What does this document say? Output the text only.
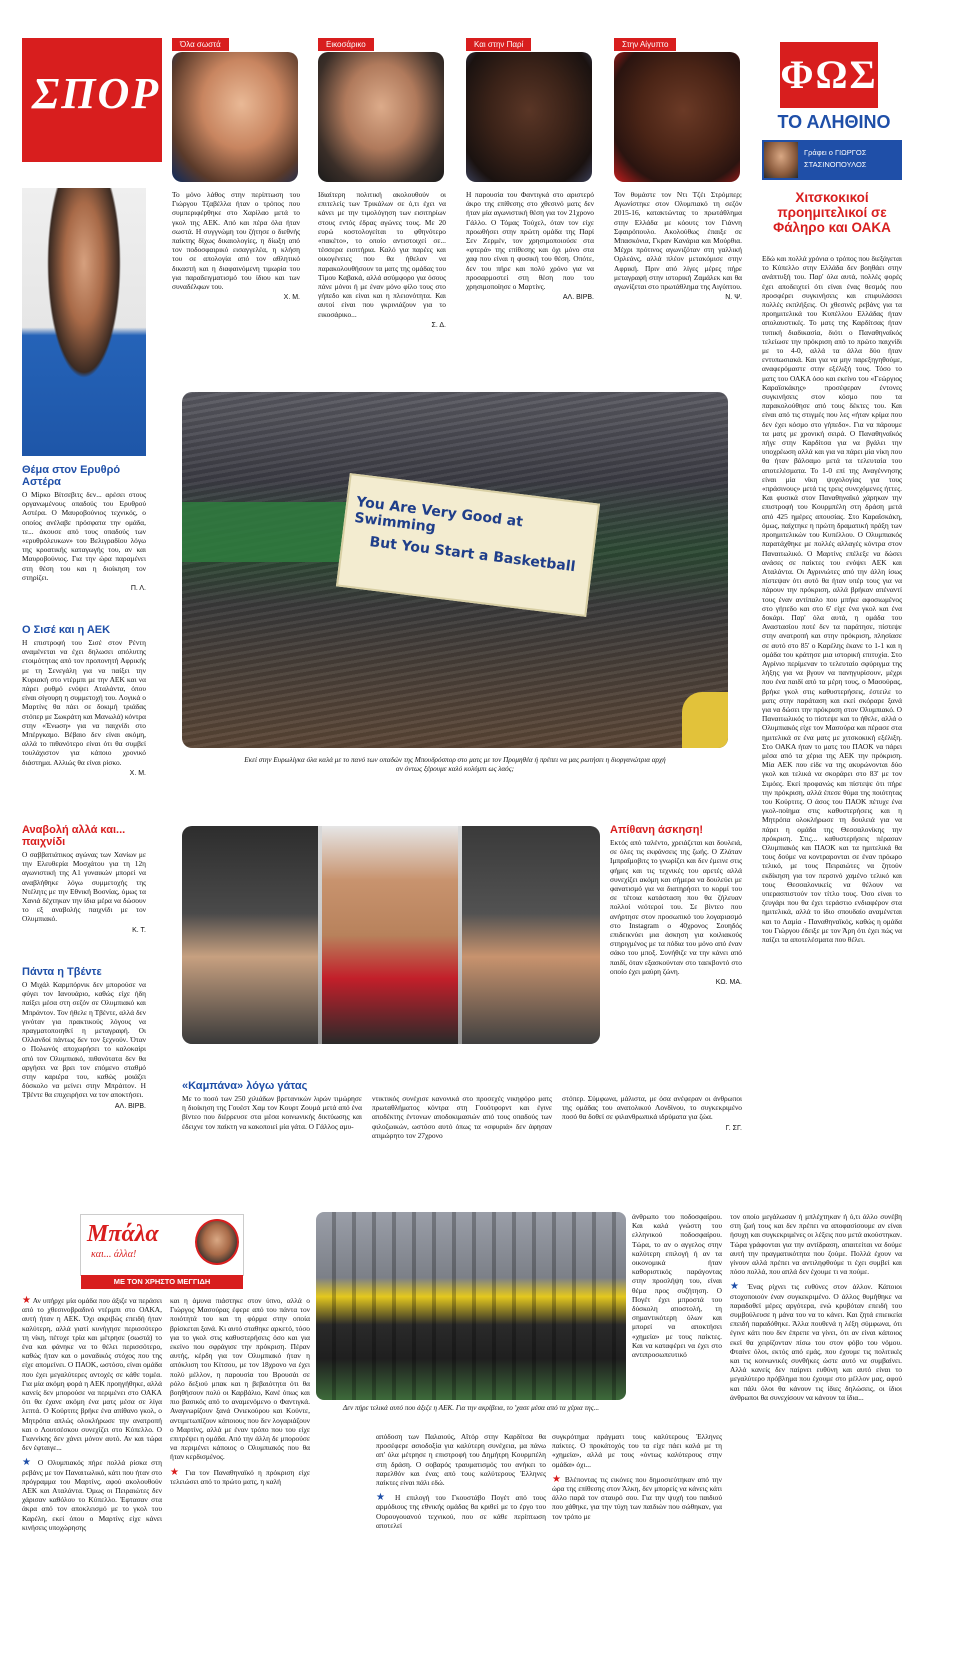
ΣΠΟΡ
Όλα σωστά	Εικοσάρικο	Και στην Παρί	Στην Αίγυπτο
ΦΩΣ
ΤΟ ΑΛΗΘΙΝΟ
Γράφει ο ΓΙΩΡΓΟΣ
ΣΤΑΣΙΝΟΠΟΥΛΟΣ
Χιτσκοκικοί προημιτελικοί σε Φάληρο και ΟΑΚΑ
Εδώ και πολλά χρόνια ο τρόπος που διεξάγεται το Κύπελλο στην Ελλάδα δεν βοηθάει στην ανάπτυξή του. Παρ' όλα αυτά, πολλές φορές έχει αποδειχτεί ότι είναι ένας θεσμός που προσφέρει συγκινήσεις και επιφυλάσσει πολλές εκπλήξεις. Οι χθεσινές ρεβάνς για τα προημιτελικά του Κυπέλλου Ελλάδας ήταν απολαυστικές. Το ματς της Καρδίτσας ήταν τυπική διαδικασία, διότι ο Παναθηναϊκός τελείωσε την πρόκριση από το πρώτο παιχνίδι με το 4-0, αλλά τα άλλα δύο ήταν εντυπωσιακά. Και για να μην παρεξηγηθούμε, αναφερόμαστε στην εξέλιξή τους. Τόσο το ματς του ΟΑΚΑ όσο και εκείνο του «Γεώργιος Καραϊσκάκης» προσέφεραν έντονες συγκινήσεις στον κόσμο που τα παρακολούθησε από τους δέκτες του. Και είναι από τις στιγμές που λες «ήταν κρίμα που δεν έχει κόσμο στο γήπεδο». Για να πάρουμε τα ματς με χρονική σειρά. Ο Παναθηναϊκός πήγε στην Καρδίτσα για να βγάλει την υποχρέωση αλλά και για να πάρει μία νίκη που θα ήταν βάλσαμο μετά τα τελευταία του αποτελέσματα. Το 1-0 επί της Αναγέννησης είναι μία νίκη ψυχολογίας για τους «πράσινους» μετά τις τρεις συνεχόμενες ήττες. Και φυσικά στον Παναθηναϊκό χάρηκαν την επιστροφή του Κουρμπέλη στη δράση μετά από 425 ημέρες απουσίας. Στο Καραϊσκάκη, όμως, παίχτηκε η πρώτη δραματική πράξη των προημιτελικών του Κυπέλλου. Ο Ολυμπιακός παρατάχθηκε με πολλές αλλαγές κόντρα στον Παναιτωλικό. Ο Μαρτίνς επέλεξε να δώσει ανάσες σε παίκτες του ενόψει ΑΕΚ και Αταλάντα. Οι Αγρινιώτες από την άλλη ίσως πίστεψαν ότι αυτό θα ήταν υπέρ τους για να πάρουν την πρόκριση, αλλά βρήκαν απέναντί τους έναν αντίπαλο που μπήκε αφοσιωμένος στο γήπεδο και στο 6' είχε ένα γκολ και ένα δοκάρι. Παρ' όλα αυτά, η ομάδα του Αναστασίου ποτέ δεν τα παράτησε, πίστεψε στην ανατροπή και στην πρόκριση, πλησίασε σε αυτό στο 85' ο Καρέλης έκανε το 1-1 και η ομάδα του κράτησε μια ιστορική επιτυχία. Στο Αγρίνιο περίμεναν το τελευταίο σφύριγμα της λήξης για να βγουν να πανηγυρίσουν, μέχρι που ένα παιδί από τα μέρη τους, ο Μασούρας, βρήκε γκολ στις καθυστερήσεις, έστειλε το ματς στην παράταση και εκεί σκόραρε ξανά για να δώσει την πρόκριση στον Ολυμπιακό. Ο Παναιτωλικός το πίστεψε και το ήθελε, αλλά ο Ολυμπιακός είχε τον Μασούρα και πέρασε στα ημιτελικά σε ένα ματς με χιτσκοκική εξέλιξη. Στο ΟΑΚΑ ήταν το ματς του ΠΑΟΚ να πάρει μέσα από τα χέρια της ΑΕΚ την πρόκριση. Μία ΑΕΚ που είδε να της ακυρώνονται δύο γκολ και τελικά να σκοράρει στο 83' με τον Σιμόες. Εκεί προφανώς και πίστεψε ότι πήρε την πρόκριση, αλλά έπεσε θύμα της ποιότητας του Κούρτιτς. Ο άσος του ΠΑΟΚ πέτυχε ένα γκολ-ποίημα στις καθυστερήσεις και η Μητρόπα ολοκλήρωσε τη δουλειά για να πάρει η ομάδα της Θεσσαλονίκης την πρόκριση. Στις... καθυστερήσεις πέρασαν Ολυμπιακός και ΠΑΟΚ και τα ημιτελικά θα τους δούμε να κοντραρονται σε έναν πρόωρο τελικό, με τους Πειραιώτες να ζητούν εκδίκηση για τον περσινό χαμένο τελικό και τους Θεσσαλονικείς να θέλουν να υπερασπιστούν τον τίτλο τους. Όσο είναι το ζευγάρι που θα έχει τεράστιο ενδιαφέρον στα ημιτελικά, αλλά το ίδιο σπουδαίο αναμένεται και το Λαμία - Παναθηναϊκός, καθώς η ομάδα του Γιώργου έδειξε με τον Άρη ότι έχει πώς να παίζει τα αποτελέσματα που θέλει.
Το μόνο λάθος στην περίπτωση του Γιώργου Τζαβέλλα ήταν ο τρόπος που συμπεριφέρθηκε στο Χαρίλαο μετά το γκολ της ΑΕΚ. Από και πέρα όλα ήταν σωστά. Η συγγνώμη του ζήτησε ο διεθνής παίκτης δίχως δικαιολογίες, η δίωξη από τον ποδοσφαιρικό εισαγγελέα, η κλήση του σε απολογία από τον αθλητικό δικαστή και η διαφαινόμενη τιμωρία του για παραδειγματισμό του ίδιου και των συναδέλφων του.
Χ. Μ.
Ιδιαίτερη πολιτική ακολουθούν οι επιτελείς των Τρικάλων σε ό,τι έχει να κάνει με την τιμολόγηση των εισιτηρίων στους εντός έδρας αγώνες τους. Με 20 ευρώ κοστολογείται το φθηνότερο «πακέτο», το οποίο αντιστοιχεί σε... τέσσερα εισιτήρια. Καλό για παρέες και οικογένειες που θα ήθελαν να παρακολουθήσουν τα ματς της ομάδας του Τίμου Καβακά, αλλά ασύμφορο για όσους πάνε μόνοι ή με έναν μόνο φίλο τους στο γήπεδο και είναι και η πλειονότητα. Και αυτοί είναι που γκρινιάζουν για το εικοσάρικο...
Σ. Δ.
Η παρουσία του Φαντιγκά στο αριστερό άκρο της επίθεσης στο χθεσινό ματς δεν ήταν μία αγωνιστική θέση για τον 21χρονο Γάλλο. Ο Τόμας Τούχελ, όταν τον είχε προωθήσει στην πρώτη ομάδα της Παρί Σεν Ζερμέν, τον χρησιμοποιούσε στα «φτερά» της επίθεσης και όχι μόνο στα χαφ που είναι η φυσική του θέση. Οπότε, δεν του πήρε και πολύ χρόνο για να προσαρμοστεί στη θέση που του χρησιμοποίησε ο Μαρτίνς.
ΑΛ. ΒΙΡΒ.
Τον θυμάστε τον Ντι Τζέι Στρόμπερ; Αγωνίστηκε στον Ολυμπιακό τη σεζόν 2015-16, κατακτώντας το πρωτάθλημα στην Ελλάδα με κόουτς τον Γιάννη Σφαιρόπουλο. Ακολούθως έπαιξε σε Μπασκόνια, Γκραν Κανάρια και Μούρθια. Μέχρι πρότινος αγωνιζόταν στη γαλλική Ορλεάνς, αλλά πλέον μετακόμισε στην Αφρική. Πριν από λίγες μέρες πήρε μεταγραφή στην ιστορική Ζαμάλεκ και θα αγωνίζεται στο πρωτάθλημα της Αιγύπτου.
Ν. Ψ.
Θέμα στον Ερυθρό Αστέρα
Ο Μίρκο Βίτσεβιτς δεν... αρέσει στους οργανωμένους οπαδούς του Ερυθρού Αστέρα. Ο Μαυροβούνιος τεχνικός, ο οποίος ανέλαβε πρόσφατα την ομάδα, τε... άκουσε από τους οπαδούς των «ερυθρόλευκων» του Βελιγραδίου λόγω της κροατικής καταγωγής του, αν και Μαυροβούνιος. Για την ώρα παραμένει στη θέση του και η διοίκηση τον στηρίζει.
Π. Λ.
Ο Σισέ και η ΑΕΚ
Η επιστροφή του Σισέ στον Ρέντη αναμένεται να έχει δηλωσει απόλυτης ετοιμότητας από τον προπονητή Αφρικής με τη Σενεγάλη για να παίξει την Κυριακή στο ντέρμπι με την ΑΕΚ και να πάρει ρυθμό ενόψει Αταλάντα, όπου είναι σίγουρη η συμμετοχή του. Λογικά ο Μαρτίνς θα πάει σε δοκιμή τριάδας στόπερ με Σωκράτη και Μανωλά) κόντρα στην «Ένωση» για να παιχνίδι στο Μπέργκαμο. Βέβαιο δεν είναι ακόμη, αλλά το πιθανότερο είναι ότι θα συμβεί τουλάχιστον για κάποιο χρονικό διάστημα. Αλλιώς θα είναι ρίσκο.
Χ. Μ.
You Are Very Good at Swimming
But You Start a Basketball
Εκεί στην Ευρωλίγκα όλα καλά με το πανό των οπαδών της Μπουδρόσπορ στο ματς με τον Προμηθέα ή πρέπει να μας ρωτήσει η διοργανώτρια αρχή αν όντως ξέρουμε καλό κολύμπι ως λαός;
Αναβολή αλλά και... παιχνίδι
Ο σαββατιάτικος αγώνας των Χανίων με την Ελευθερία Μοσχάτου για τη 12η αγωνιστική της Α1 γυναικών μπορεί να αναβλήθηκε λόγω συμμετοχής της Ντέλητς με την Εθνική Βοσνίας, όμως τα Χανιά δέχτηκαν την ίδια μέρα να δώσουν το εξ αναβολής παιχνίδι με τον Ολυμπιακό.
Κ. Τ.
Πάντα η Τβέντε
Ο Μιχάλ Καρμπόρνικ δεν μπορούσε να φύγει τον Ιανουάριο, καθώς είχε ήδη παίξει μέσα στη σεζόν σε Ολυμπιακό και Μπράντον. Τον ήθελε η Τβέντε, αλλά δεν γινόταν για πρακτικούς λόγους να πραγματοποιηθεί η μεταγραφή. Οι Ολλανδοί πάντως δεν τον ξεχνούν. Όταν ο Πολωνός αποχωρήσει το καλοκαίρι από τον Ολυμπιακό, πιθανότατα δεν θα αργήσει να βρει τον επόμενο σταθμό στην καριέρα του, καθώς μοιάζει δύσκολο να μείνει στην Μπράιτον. Η Τβέντε θα επιχειρήσει να τον αποκτήσει.
ΑΛ. ΒΙΡΒ.
Απίθανη άσκηση!
Εκτός από ταλέντο, χρειάζεται και δουλειά, σε όλες τις εκφάνσεις της ζωής. Ο Ζλάταν Ιμπραΐμοβιτς το γνωρίζει και δεν έμεινε στις φήμες και τις τεχνικές του αρετές αλλά συνεχίζει ακόμη και σήμερα να δουλεύει με φανατισμό για να διατηρήσει το κορμί του σε τέτοια κατάσταση που θα ζήλευαν πολλοί νεότεροί του. Σε βίντεο που ανήρτησε στον προσωπικό του λογαριασμό στο Instagram ο 40χρονος Σουηδός επιδεικνύει μια άσκηση για κοιλιακούς στηριγμένος με τα πόδια του μόνο από έναν σάκο του μποξ. Συνήθιζε να την κάνει από παιδί, όταν εξασκούνταν στο ταεκβοντό στο οποίο έχει μαύρη ζώνη.
ΚΩ. ΜΑ.
«Καμπάνα» λόγω γάτας
Με το ποσό των 250 χιλιάδων βρετανικών λιρών τιμώρησε η διοίκηση της Γουέστ Χαμ τον Κουρτ Ζουμά μετά από ένα βίντεο που διέρρευσε στα μέσα κοινωνικής δικτύωσης και έδειχνε τον παίκτη να κακοποιεί μία γάτα. Ο Γάλλος αμυ-
ντικτικός συνέχισε κανονικά στο προσεχές νικηφόρο ματς πρωταθλήματος κόντρα στη Γουότφορντ και έγινε αποδέκτης έντονων αποδοκιμασιών από τους οπαδούς των φιλοζωικών, ωστόσο αυτό όπως τα «σφυριά» δεν άφησαν ατιμώρητο τον 27χρονο
στόπερ. Σύμφωνα, μάλιστα, με όσα ανέφεραν οι άνθρωποι της ομάδας του ανατολικού Λονδίνου, το συγκεκριμένο ποσό θα δοθεί σε φιλανθρωπικά ιδρύματα για ζώα.
Γ. ΣΓ.
Μπάλα
και... άλλα!
ΜΕ ΤΟΝ ΧΡΗΣΤΟ ΜΕΓΓΙΔΗ
Δεν πήρε τελικά αυτό που άξιζε η ΑΕΚ. Για την ακρίβεια, το 'χασε μέσα από τα χέρια της...
★ Αν υπήρχε μία ομάδα που άξιζε να περάσει από το χθεσινοβραδινό ντέρμπι στο ΟΑΚΑ, αυτή ήταν η ΑΕΚ. Όχι ακριβώς επειδή ήταν καλύτερη, αλλά γιατί κυνήγησε περισσότερο τη νίκη, πέτυχε τρία και μέτρησε (σωστά) το ένα και φάνηκε να το θέλει περισσότερο, καθώς ήταν και ο μοναδικός στόχος που της είχε απομείνει. Ο ΠΑΟΚ, ωστόσο, είναι ομάδα που έχει μεγαλύτερες αντοχές σε κάθε τομέα. Για μία ακόμη φορά η ΑΕΚ προηγήθηκε, αλλά κανείς δεν μπορούσε να περιμένει στο ΟΑΚΑ ότι θα έχανε ακόμη ένα ματς μέσα σε λίγα λεπτά. Ο Κούρτιτς βρήκε ένα απίθανο γκολ, ο Μητρόπα απλώς ολοκλήρωσε την ανατροπή και ο Λουτσέσκου συνεχίζει στο Κύπελλο. Ο Γιαννίκης δεν χάνει μόνον αυτό. Αν και τώρα δεν έφταιγε...
★ Ο Ολυμπιακός πήρε πολλά ρίσκα στη ρεβάνς με τον Παναιτωλικό, κάτι που ήταν στο πρόγραμμα του Μαρτίνς, αφού ακολουθούν ΑΕΚ και Αταλάντα. Όμως οι Πειραιώτες δεν χάρισαν καθόλου το Κύπελλο. Έφτασαν στα άκρα από τον αποκλεισμό με το γκολ του Καρέλη, εκεί όπου ο Μαρτίνς είχε κάνει κινήσεις υποχώρησης
και η άμυνα πιάστηκε στον ύπνο, αλλά ο Γιώργος Μασούρας έφερε από του πάντα τον ποιότητά του και τη φόρμα στην οποία βρίσκεται ξανά. Κι αυτό σταθηκε αρκετό, τόσο για το γκολ στις καθυστερήσεις όσο και για εκείνο που σφράγισε την πρόκριση. Πέραν αυτής, κέρδη για τον Ολυμπιακό ήταν η απόκλιση του Κίτσου, με τον 18χρονο να έχει πολύ μέλλον, η παρουσία του Βρουσάι σε ρόλο δεξιού μπακ και η βεβαιότητα ότι θα βοηθήσουν πολύ οι Καρβάλιο, Κανέ όπως και πιο βασικός από το αναμενόμενο ο Φαντιγκά. Αναγνωρίζουν ξανά Ονιεκούρου και Κούντε, αντιμετωπίζουν κάποιους που δεν λογαριάζουν ο Μαρτίνς, αλλά με έναν τρόπο που του είχε επιτρέψει η ομάδα. Από την άλλη δε μπορούσε να περιμένει κάποιος ο Ολυμπιακός που θα ήταν κερδισμένος.
★ Για τον Παναθηναϊκό η πρόκριση είχε τελειώσει από το πρώτο ματς, η καλή
απόδοση των Παλαιούς, Αΐτόρ στην Καρδίτσα θα προσέφερε ασιοδοξία για καλύτερη συνέχεια, μα πάνω απ' όλα μέτρησε η επιστροφή του Δημήτρη Κουρμπέλη στη δράση. Ο σοβαρός τραυματισμός του ανήκει το παρελθόν και ένας από τους καλύτερους Έλληνες παίκτες είναι πάλι εδώ.
★ Η επιλογή του Γκουστάβο Πογέτ από τους αρμόδιους της εθνικής ομάδας θα κριθεί με το έργο του Ουρουγουανού τεχνικού, που σε κάθε περίπτωση αποτελεί
άνθρωπο του ποδοσφαίρου. Και καλά γνώστη του ελληνικού ποδοσφαίρου. Τώρα, το αν ο αγγελος στην καλύτερη επιλογή ή αν τα οικονομικά ήταν καθοριστικός παράγοντας στην προσλήψη του, είναι θέμα προς συζήτηση. Ο Πογέτ έχει μπροστά του δύσκολη αποστολή, τη σημαντικότερη όλων και μπορεί να αποκτήσει «χημεία» με τους παίκτες. Και να καταφέρει να έχει στο αντιπροσωπευτικό
συγκρότημα πράγματι τους καλύτερους Έλληνες παίκτες. Ο προκάτοχός του τα είχε πάει καλά με τη «χημεία», αλλά με τους «όντως καλύτερους στην ομάδα» όχι...
★ Βλέποντας τις εικόνες που δημοσιεύτηκαν από την ώρα της επίθεσης στον Άλκη, δεν μπορείς να κάνεις κάτι άλλο παρά τον σταυρό σου. Για την ψυχή του παιδιού που χάθηκε, για την τύχη των παιδιών που σώθηκαν, για τον τρόπο με
τον οποίο μεγάλωσαν ή μπλέχτηκαν ή ό,τι άλλο συνέβη στη ζωή τους και δεν πρέπει να αποφασίσουμε αν είναι ήσυχη και συγκεκριμένες οι λέξεις που μετά ακούστηκαν. Τώρα γράφονται για την αντίδραση, απαιτείται να δούμε αυτή την πραγματικότητα που ζούμε. Πολλά έχουν να γίνουν αλλά πρέπει να αντιληφθούμε τι έχει συμβεί και πόσο πολλά, που απλά δεν έχουμε τι να πούμε.
★ Ένας ρίχνει τις ευθύνες στον άλλον. Κάποιοι στοχοποιούν έναν συγκεκριμένο. Ο άλλος θυμήθηκε να παραδοθεί μέρες αργότερα, ενώ κρυβόταν επειδή του συμβούλευσε η μάνα του να το κάνει. Και ζητά επιεικεία επειδή παραδόθηκε. Άλλα πουθενά η λέξη σύμφωνα, ότι έγινε κάτι που δεν έπρεπε να γίνει, ότι αν είναι κάποιος εκεί θα χειρίζονταν πίσω του στον φόβο του νόμου. Φταίνε όλοι, εκτός από εμάς, που έχουμε τις πολιτικές και τις κοινωνικές συνθήκες ώστε αυτό να συμβαίνει. Αλλά κανείς δεν παίρνει ευθύνη και αυτό είναι το μεγαλύτερο πρόβλημα που έχουμε στο μέλλον μας, αφού και πάλι όλοι θα κάνουν τις ίδιες δηλώσεις, οι ίδιοι άνθρωποι θα συνεχίσουν να κάνουν τα ίδια...
